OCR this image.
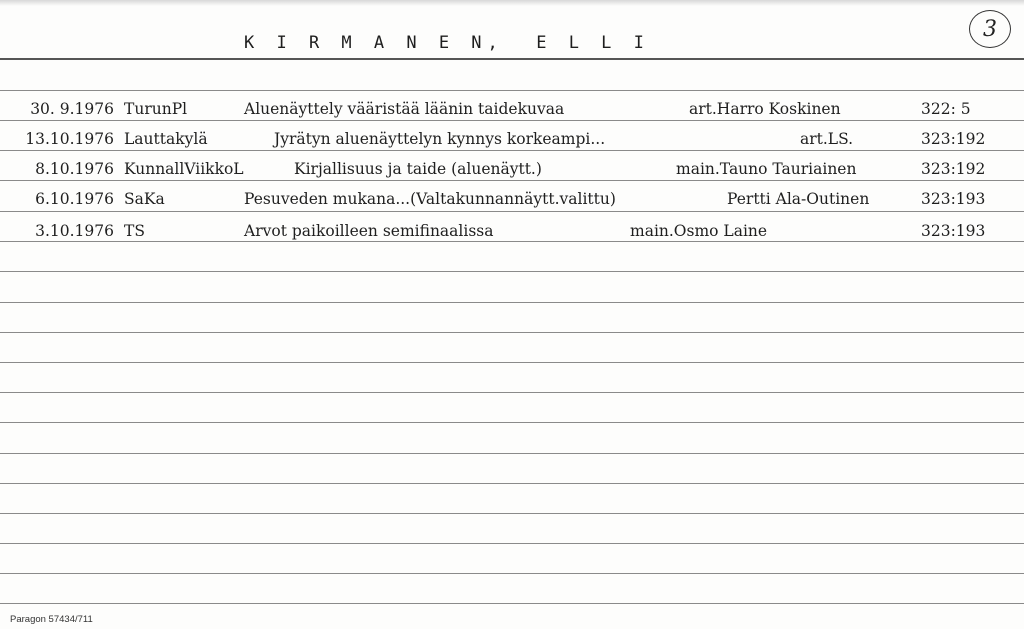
K I R M A N E N,  E L L I
3
30. 9.1976 TurunPl	Aluenäyttely vääristää läänin taidekuvaa	art.Harro Koskinen	322: 5
13.10.1976 Lauttakylä	Jyrätyn aluenäyttelyn kynnys korkeampi...	art.LS.	323:192
8.10.1976 KunnallViikkoL	Kirjallisuus ja taide (aluenäytt.)	main.Tauno Tauriainen	323:192
6.10.1976 SaKa	Pesuveden mukana...(Valtakunnannäytt.valittu)	Pertti Ala-Outinen	323:193
3.10.1976 TS	Arvot paikoilleen semifinaalissa	main.Osmo Laine	323:193
Paragon 57434/711
